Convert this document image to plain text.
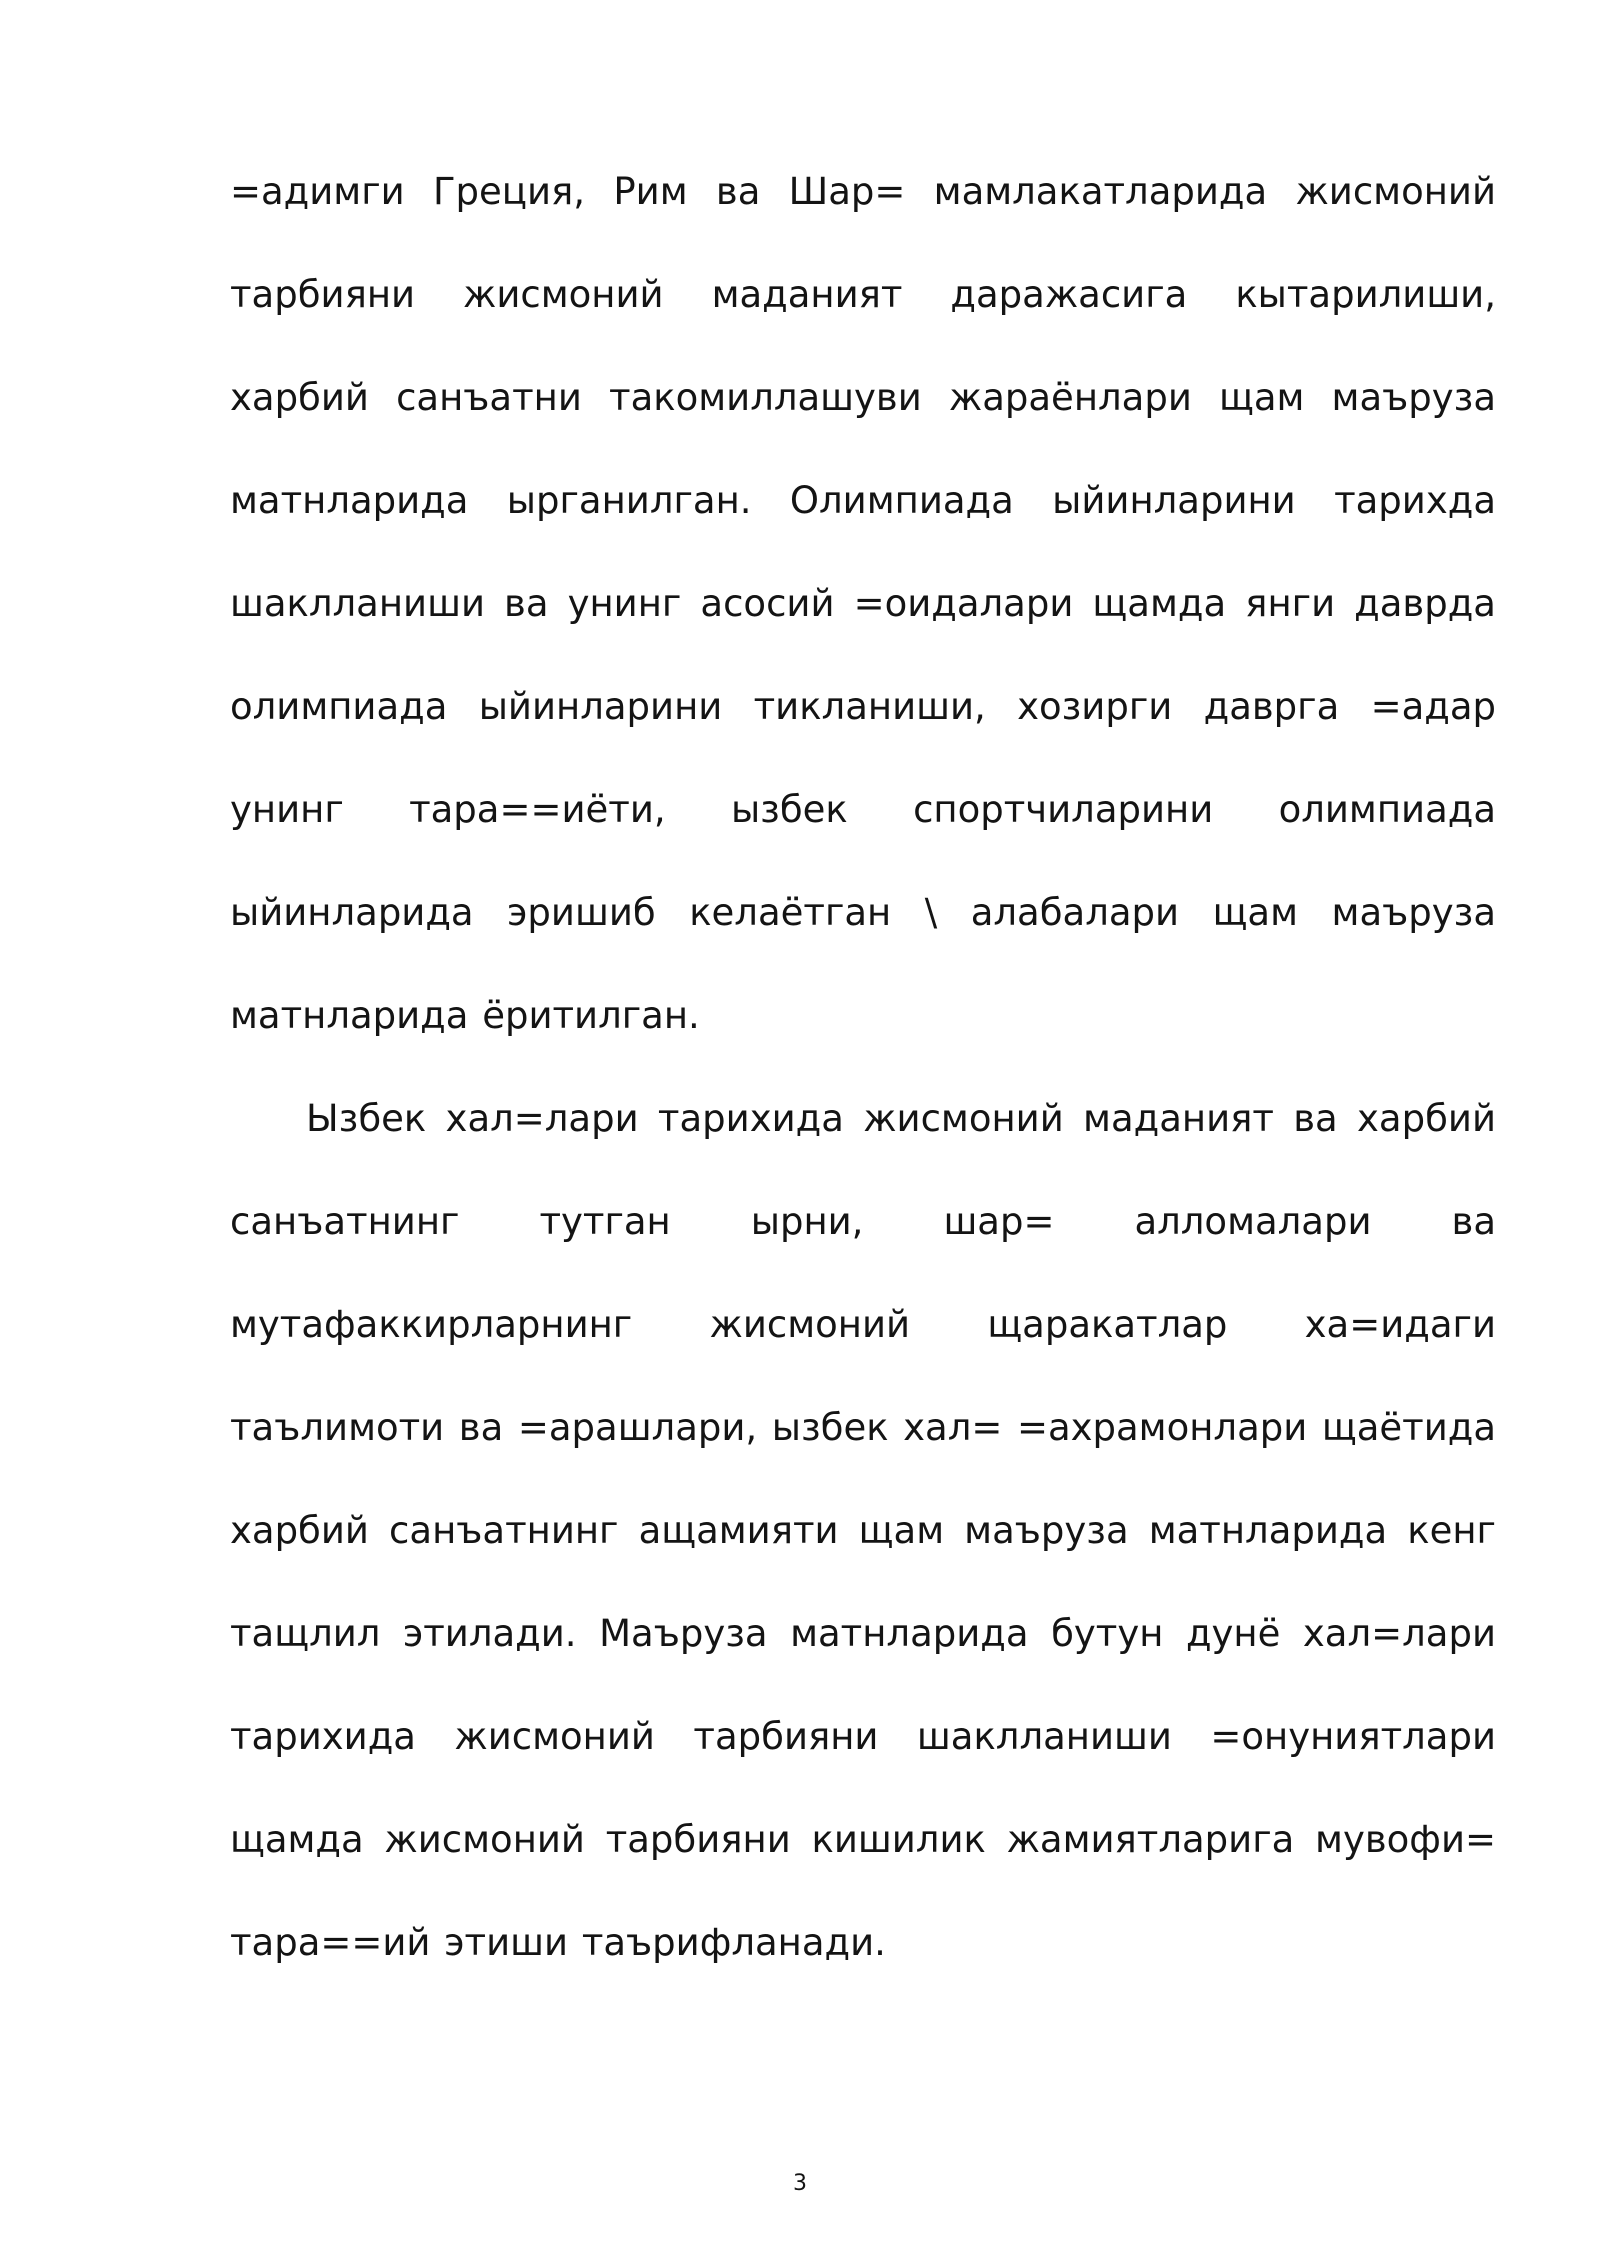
=адимги Греция, Рим ва Шар= мамлакатларида жисмоний тарбияни жисмоний маданият даражасига кытарилиши, харбий санъатни такомиллашуви жараёнлари щам маъруза матнларида ырганилган. Олимпиада ыйинларини тарихда шаклланиши ва унинг асосий =оидалари щамда янги даврда олимпиада ыйинларини тикланиши, хозирги даврга =адар унинг тара==иёти, ызбек спортчиларини олимпиада ыйинларида эришиб келаётган \ алабалари щам маъруза матнларида ёритилган.

Ызбек хал=лари тарихида жисмоний маданият ва харбий санъатнинг тутган ырни, шар= алломалари ва мутафаккирларнинг жисмоний щаракатлар ха=идаги таълимоти ва =арашлари, ызбек хал= =ахрамонлари щаётида харбий санъатнинг ащамияти щам маъруза матнларида кенг тащлил этилади. Маъруза матнларида бутун дунё хал=лари тарихида жисмоний тарбияни шаклланиши =онуниятлари щамда жисмоний тарбияни кишилик жамиятларига мувофи= тара==ий этиши таърифланади.

3
